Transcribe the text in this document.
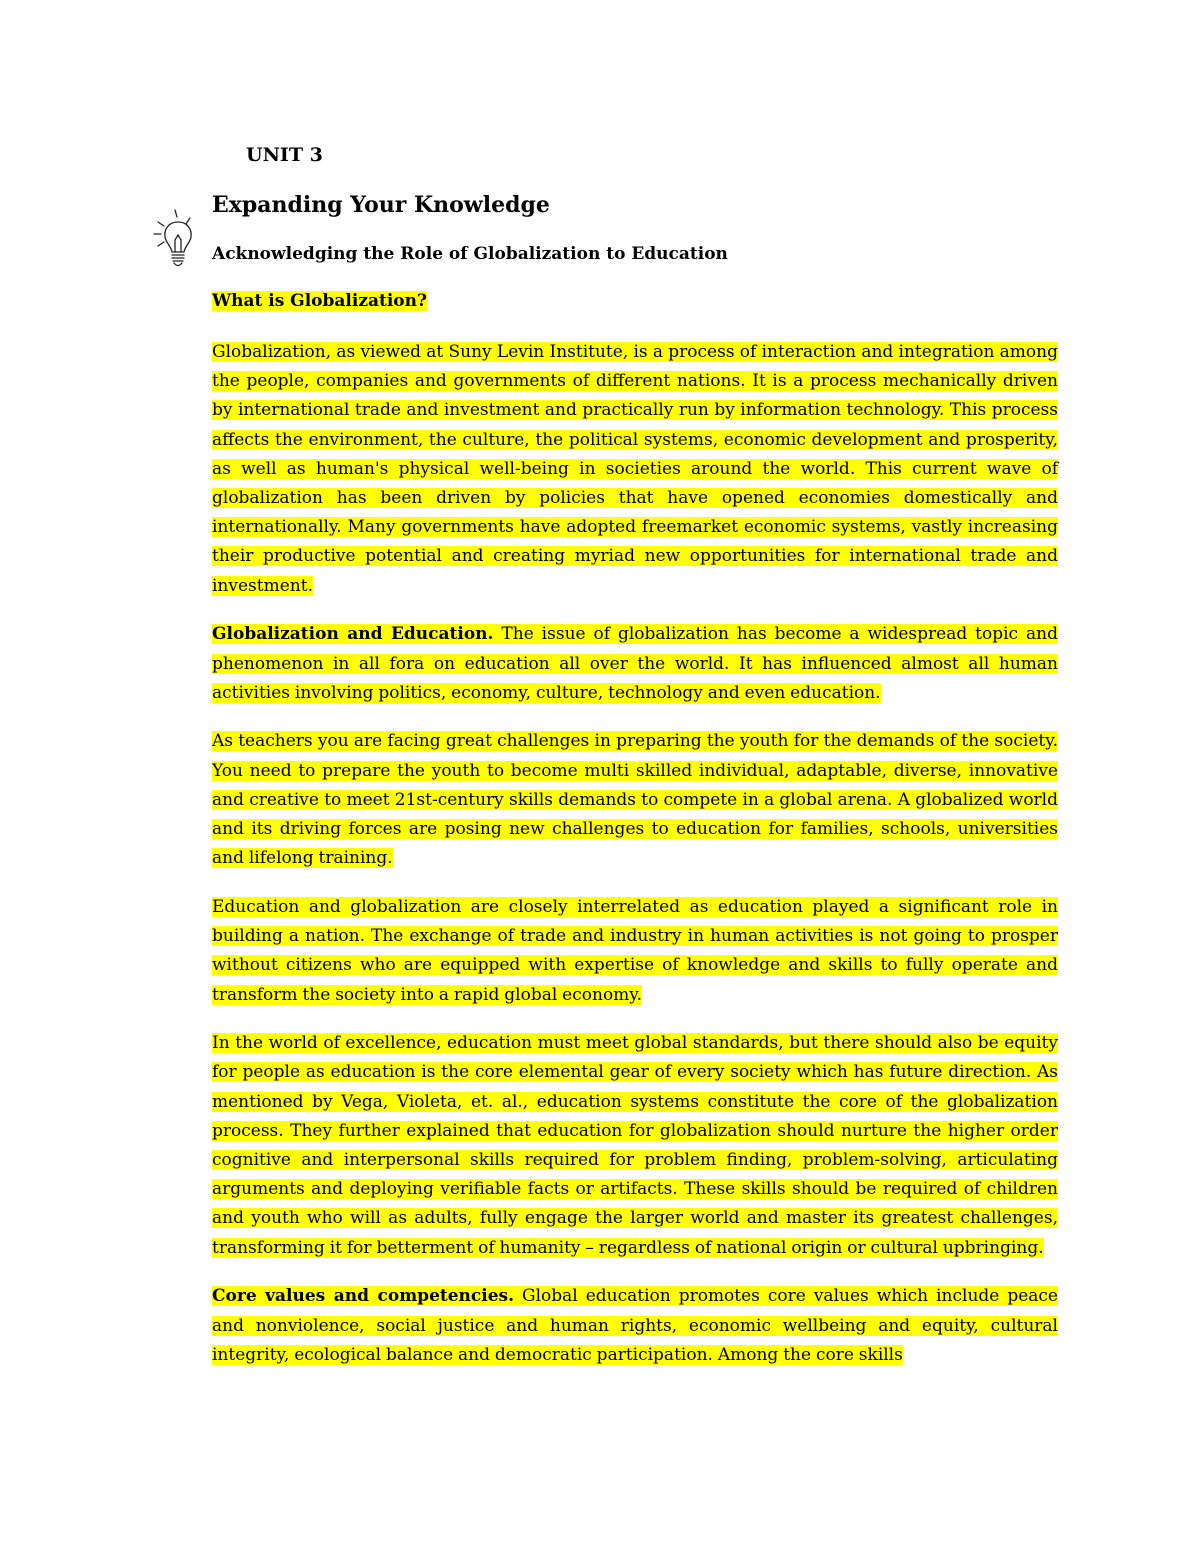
UNIT 3

Expanding Your Knowledge

Acknowledging the Role of Globalization to Education

What is Globalization?

Globalization, as viewed at Suny Levin Institute, is a process of interaction and integration among the people, companies and governments of different nations. It is a process mechanically driven by international trade and investment and practically run by information technology. This process affects the environment, the culture, the political systems, economic development and prosperity, as well as human's physical well-being in societies around the world. This current wave of globalization has been driven by policies that have opened economies domestically and internationally. Many governments have adopted freemarket economic systems, vastly increasing their productive potential and creating myriad new opportunities for international trade and investment.

Globalization and Education. The issue of globalization has become a widespread topic and phenomenon in all fora on education all over the world. It has influenced almost all human activities involving politics, economy, culture, technology and even education.

As teachers you are facing great challenges in preparing the youth for the demands of the society. You need to prepare the youth to become multi skilled individual, adaptable, diverse, innovative and creative to meet 21st-century skills demands to compete in a global arena. A globalized world and its driving forces are posing new challenges to education for families, schools, universities and lifelong training.

Education and globalization are closely interrelated as education played a significant role in building a nation. The exchange of trade and industry in human activities is not going to prosper without citizens who are equipped with expertise of knowledge and skills to fully operate and transform the society into a rapid global economy.

In the world of excellence, education must meet global standards, but there should also be equity for people as education is the core elemental gear of every society which has future direction. As mentioned by Vega, Violeta, et. al., education systems constitute the core of the globalization process. They further explained that education for globalization should nurture the higher order cognitive and interpersonal skills required for problem finding, problem-solving, articulating arguments and deploying verifiable facts or artifacts. These skills should be required of children and youth who will as adults, fully engage the larger world and master its greatest challenges, transforming it for betterment of humanity – regardless of national origin or cultural upbringing.

Core values and competencies. Global education promotes core values which include peace and nonviolence, social justice and human rights, economic wellbeing and equity, cultural integrity, ecological balance and democratic participation. Among the core skills
